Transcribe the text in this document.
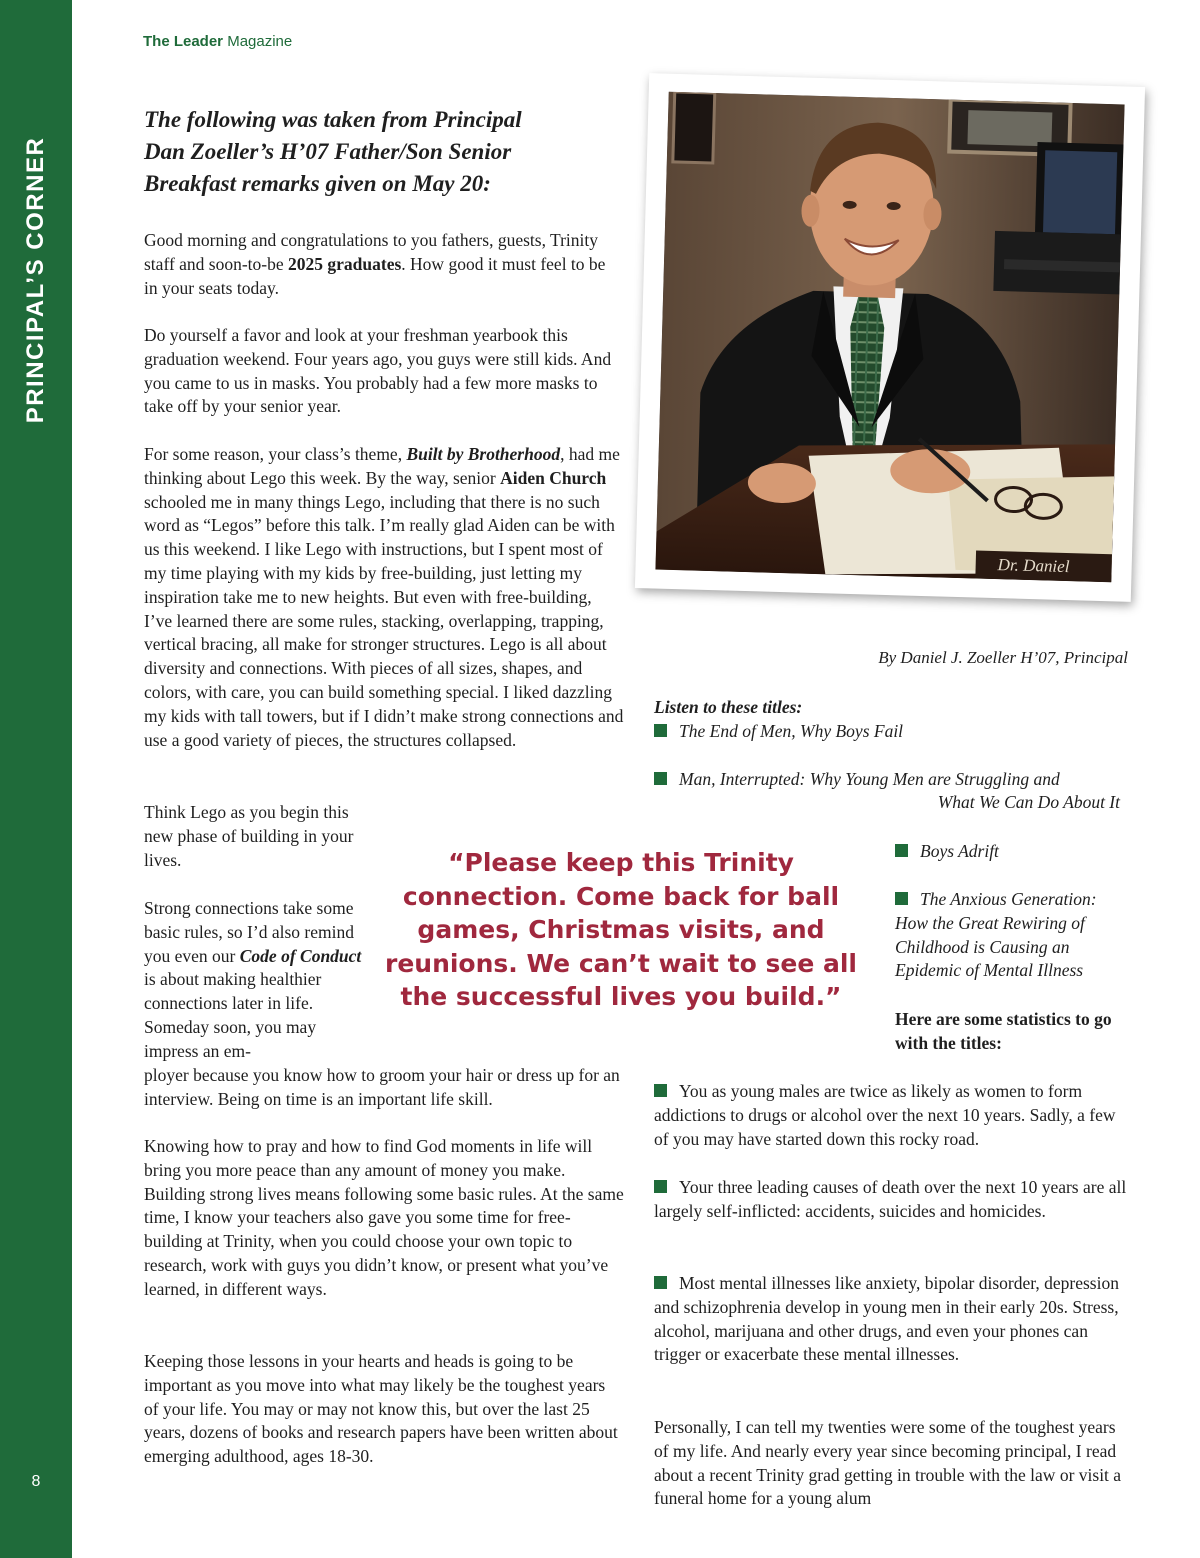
PRINCIPAL’S CORNER
8
The Leader Magazine
The following was taken from Principal
Dan Zoeller’s H’07 Father/Son Senior
Breakfast remarks given on May 20:

Good morning and congratulations to you fathers, guests, Trinity staff and soon-to-be 2025 graduates. How good it must feel to be in your seats today.

Do yourself a favor and look at your freshman yearbook this graduation weekend. Four years ago, you guys were still kids. And you came to us in masks. You probably had a few more masks to take off by your senior year.

For some reason, your class’s theme, Built by Brotherhood, had me thinking about Lego this week. By the way, senior Aiden Church schooled me in many things Lego, including that there is no such word as “Legos” before this talk. I’m really glad Aiden can be with us this weekend. I like Lego with instructions, but I spent most of my time playing with my kids by free-building, just letting my inspiration take me to new heights. But even with free-building, I’ve learned there are some rules, stacking, overlapping, trapping, vertical bracing, all make for stronger structures. Lego is all about diversity and connections. With pieces of all sizes, shapes, and colors, with care, you can build something special. I liked dazzling my kids with tall towers, but if I didn’t make strong connections and use a good variety of pieces, the structures collapsed.

Think Lego as you begin this new phase of building in your lives.

Strong connections take some basic rules, so I’d also remind you even our Code of Conduct is about making healthier connections later in life. Someday soon, you may impress an em-

ployer because you know how to groom your hair or dress up for an interview. Being on time is an important life skill.

Knowing how to pray and how to find God moments in life will bring you more peace than any amount of money you make. Building strong lives means following some basic rules. At the same time, I know your teachers also gave you some time for free-building at Trinity, when you could choose your own topic to research, work with guys you didn’t know, or present what you’ve learned, in different ways.

Keeping those lessons in your hearts and heads is going to be important as you move into what may likely be the toughest years of your life. You may or may not know this, but over the last 25 years, dozens of books and research papers have been written about emerging adulthood, ages 18-30.

Dr. Daniel
By Daniel J. Zoeller H’07, Principal
Listen to these titles:
The End of Men, Why Boys Fail
Man, Interrupted: Why Young Men are Struggling and
What We Can Do About It
Boys Adrift
The Anxious Generation: How the Great Rewiring of Childhood is Causing an Epidemic of Mental Illness
Here are some statistics to go with the titles:
“Please keep this Trinity connection. Come back for ball games, Christmas visits, and reunions. We can’t wait to see all the successful lives you build.”
You as young males are twice as likely as women to form addictions to drugs or alcohol over the next 10 years. Sadly, a few of you may have started down this rocky road.
Your three leading causes of death over the next 10 years are all largely self-inflicted: accidents, suicides and homicides.
Most mental illnesses like anxiety, bipolar disorder, depression and schizophrenia develop in young men in their early 20s. Stress, alcohol, marijuana and other drugs, and even your phones can trigger or exacerbate these mental illnesses.

Personally, I can tell my twenties were some of the toughest years of my life. And nearly every year since becoming principal, I read about a recent Trinity grad getting in trouble with the law or visit a funeral home for a young alum
